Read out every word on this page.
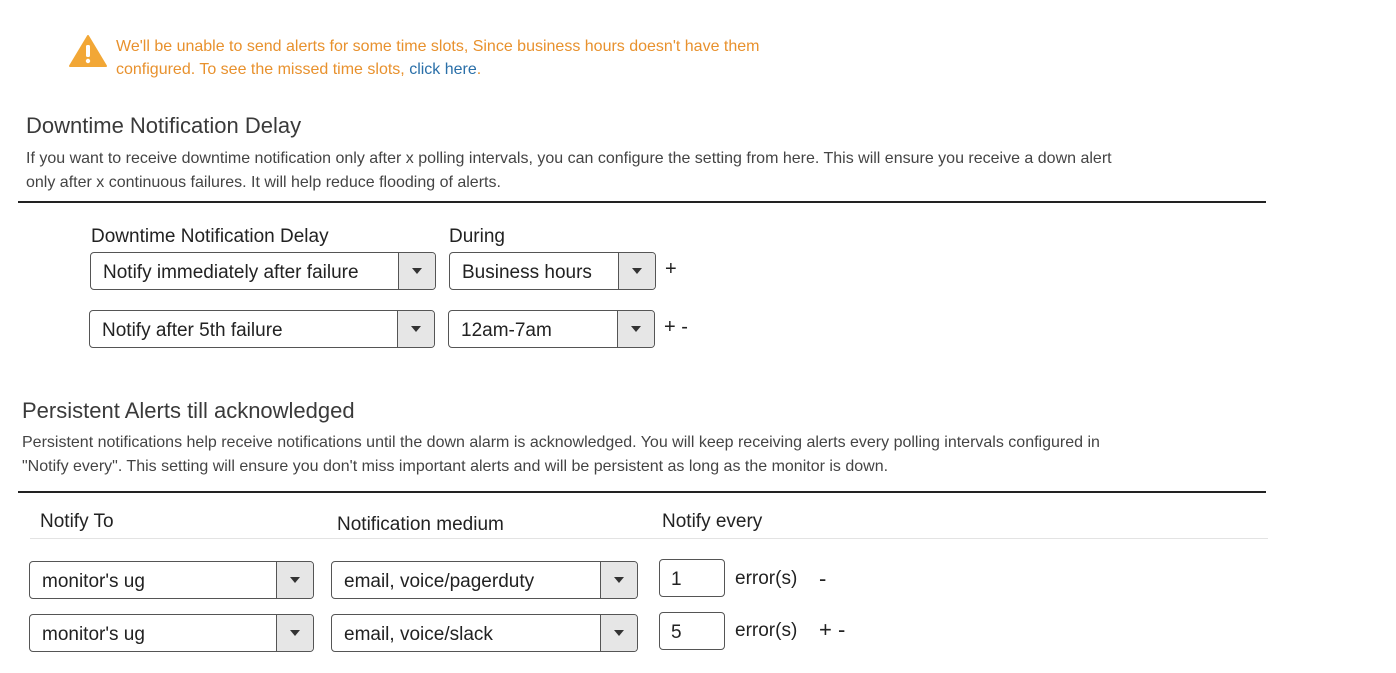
We'll be unable to send alerts for some time slots, Since business hours doesn't have them
configured. To see the missed time slots, click here.
Downtime Notification Delay
If you want to receive downtime notification only after x polling intervals, you can configure the setting from here. This will ensure you receive a down alert
only after x continuous failures. It will help reduce flooding of alerts.
Downtime Notification Delay	During
Notify immediately after failure	Business hours	+
Notify after 5th failure	12am-7am	+ -
Persistent Alerts till acknowledged
Persistent notifications help receive notifications until the down alarm is acknowledged. You will keep receiving alerts every polling intervals configured in
"Notify every". This setting will ensure you don't miss important alerts and will be persistent as long as the monitor is down.
Notify To	Notification medium	Notify every
monitor's ug	email, voice/pagerduty	1	error(s) -
monitor's ug	email, voice/slack	5	error(s) + -
